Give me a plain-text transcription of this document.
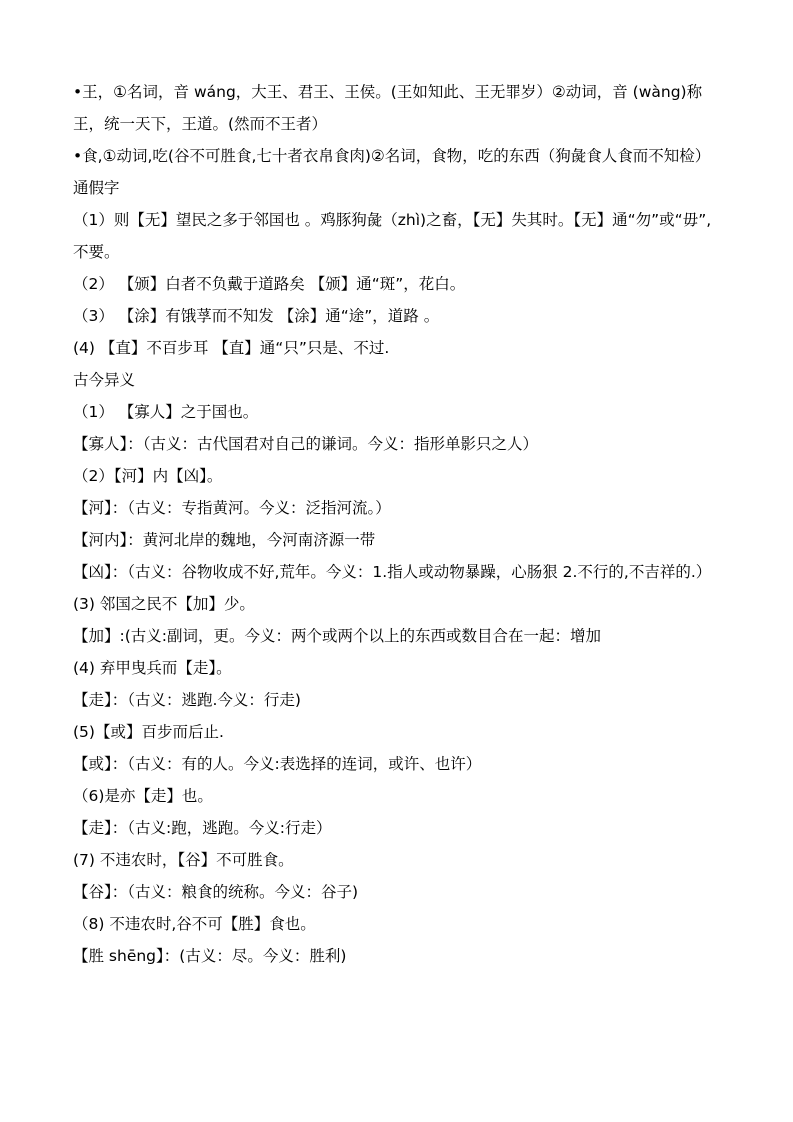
•王，①名词，音 wáng，大王、君王、王侯。(王如知此、王无罪岁）②动词，音 (wàng)称王，统一天下，王道。(然而不王者）
•食,①动词,吃(谷不可胜食,七十者衣帛食肉)②名词，食物，吃的东西（狗彘食人食而不知检）
通假字
（1）则【无】望民之多于邻国也 。鸡豚狗彘（zhì)之畜，【无】失其时。【无】通“勿”或“毋”,不要。
（2） 【颁】白者不负戴于道路矣 【颁】通“斑”，花白。
（3） 【涂】有饿莩而不知发 【涂】通“途”，道路 。
(4) 【直】不百步耳 【直】通“只”只是、不过.
古今异义
（1） 【寡人】之于国也。
【寡人】：（古义：古代国君对自己的谦词。今义：指形单影只之人）
（2）【河】内【凶】。
【河】：（古义：专指黄河。今义：泛指河流。）
【河内】：黄河北岸的魏地，今河南济源一带
【凶】：（古义：谷物收成不好,荒年。今义：1.指人或动物暴躁，心肠狠 2.不行的,不吉祥的.）
(3) 邻国之民不【加】少。
【加】:(古义:副词，更。今义：两个或两个以上的东西或数目合在一起：增加
(4) 弃甲曳兵而【走】。
【走】：（古义：逃跑.今义：行走)
(5)【或】百步而后止.
【或】：（古义：有的人。今义:表选择的连词，或许、也许）
（6)是亦【走】也。
【走】：（古义:跑，逃跑。今义:行走）
(7) 不违农时，【谷】不可胜食。
【谷】：（古义：粮食的统称。今义：谷子)
（8) 不违农时,谷不可【胜】食也。
【胜 shēng】：(古义：尽。今义：胜利)
